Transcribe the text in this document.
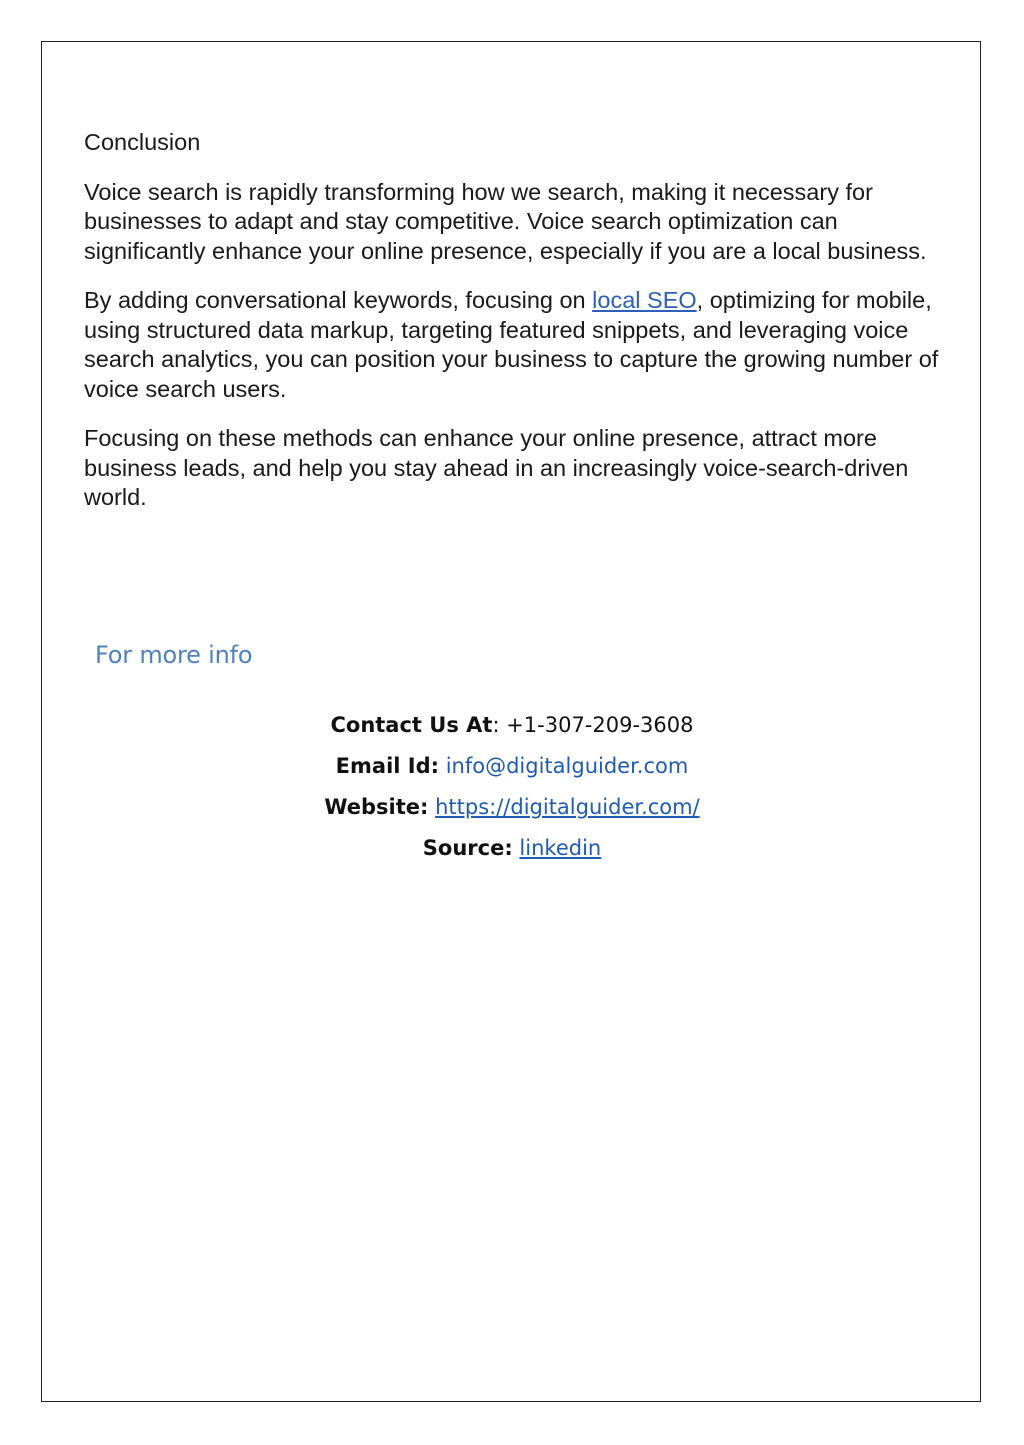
Conclusion

Voice search is rapidly transforming how we search, making it necessary for businesses to adapt and stay competitive. Voice search optimization can significantly enhance your online presence, especially if you are a local business.

By adding conversational keywords, focusing on local SEO, optimizing for mobile, using structured data markup, targeting featured snippets, and leveraging voice search analytics, you can position your business to capture the growing number of voice search users.

Focusing on these methods can enhance your online presence, attract more business leads, and help you stay ahead in an increasingly voice-search-driven world.

For more info
Contact Us At: +1-307-209-3608
Email Id: info@digitalguider.com
Website: https://digitalguider.com/
Source: linkedin
